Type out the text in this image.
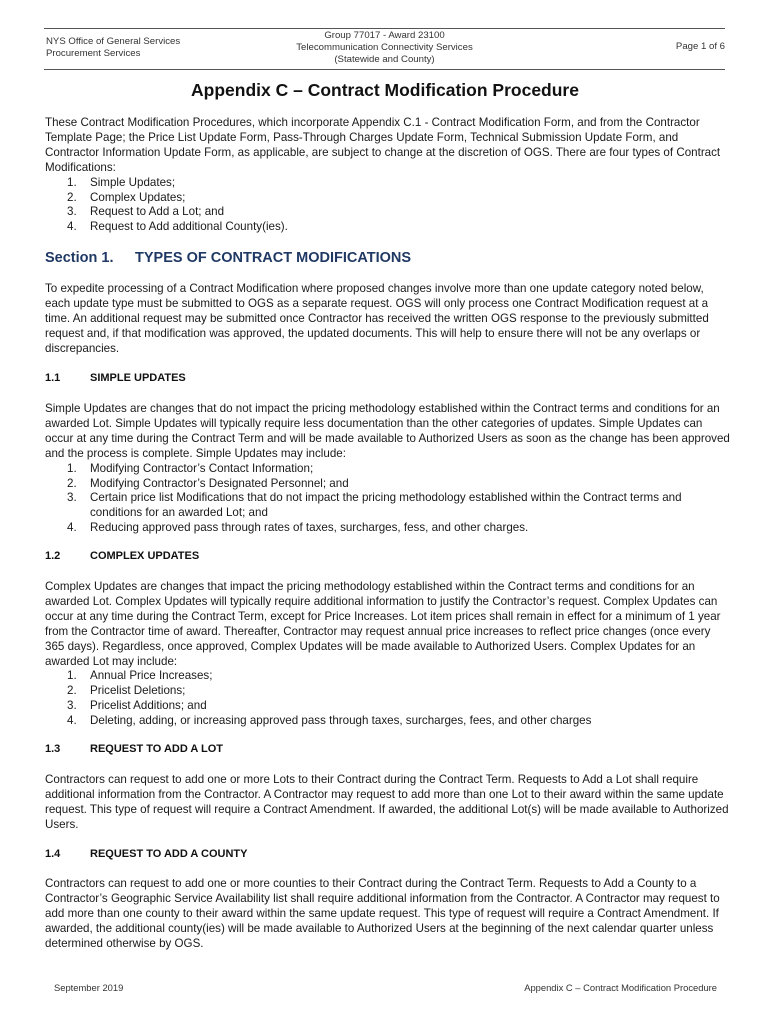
NYS Office of General Services
Procurement Services
Group 77017 - Award 23100
Telecommunication Connectivity Services
(Statewide and County)
Page 1 of 6
Appendix C – Contract Modification Procedure

These Contract Modification Procedures, which incorporate Appendix C.1 - Contract Modification Form, and from the Contractor Template Page; the Price List Update Form, Pass-Through Charges Update Form, Technical Submission Update Form, and Contractor Information Update Form, as applicable, are subject to change at the discretion of OGS. There are four types of Contract Modifications:

1. Simple Updates;
2. Complex Updates;
3. Request to Add a Lot; and
4. Request to Add additional County(ies).
Section 1. TYPES OF CONTRACT MODIFICATIONS
To expedite processing of a Contract Modification where proposed changes involve more than one update category noted below, each update type must be submitted to OGS as a separate request. OGS will only process one Contract Modification request at a time. An additional request may be submitted once Contractor has received the written OGS response to the previously submitted request and, if that modification was approved, the updated documents. This will help to ensure there will not be any overlaps or discrepancies.
1.1	SIMPLE UPDATES

Simple Updates are changes that do not impact the pricing methodology established within the Contract terms and conditions for an awarded Lot. Simple Updates will typically require less documentation than the other categories of updates. Simple Updates can occur at any time during the Contract Term and will be made available to Authorized Users as soon as the change has been approved and the process is complete. Simple Updates may include:

1. Modifying Contractor’s Contact Information;
2. Modifying Contractor’s Designated Personnel; and
3. Certain price list Modifications that do not impact the pricing methodology established within the Contract terms and conditions for an awarded Lot; and
4. Reducing approved pass through rates of taxes, surcharges, fess, and other charges.
1.2	COMPLEX UPDATES

Complex Updates are changes that impact the pricing methodology established within the Contract terms and conditions for an awarded Lot. Complex Updates will typically require additional information to justify the Contractor’s request. Complex Updates can occur at any time during the Contract Term, except for Price Increases. Lot item prices shall remain in effect for a minimum of 1 year from the Contractor time of award. Thereafter, Contractor may request annual price increases to reflect price changes (once every 365 days). Regardless, once approved, Complex Updates will be made available to Authorized Users. Complex Updates for an awarded Lot may include:

1. Annual Price Increases;
2. Pricelist Deletions;
3. Pricelist Additions; and
4. Deleting, adding, or increasing approved pass through taxes, surcharges, fees, and other charges
1.3	REQUEST TO ADD A LOT
Contractors can request to add one or more Lots to their Contract during the Contract Term. Requests to Add a Lot shall require additional information from the Contractor. A Contractor may request to add more than one Lot to their award within the same update request. This type of request will require a Contract Amendment. If awarded, the additional Lot(s) will be made available to Authorized Users.
1.4	REQUEST TO ADD A COUNTY
Contractors can request to add one or more counties to their Contract during the Contract Term. Requests to Add a County to a Contractor’s Geographic Service Availability list shall require additional information from the Contractor. A Contractor may request to add more than one county to their award within the same update request. This type of request will require a Contract Amendment. If awarded, the additional county(ies) will be made available to Authorized Users at the beginning of the next calendar quarter unless determined otherwise by OGS.
September 2019	Appendix C – Contract Modification Procedure
